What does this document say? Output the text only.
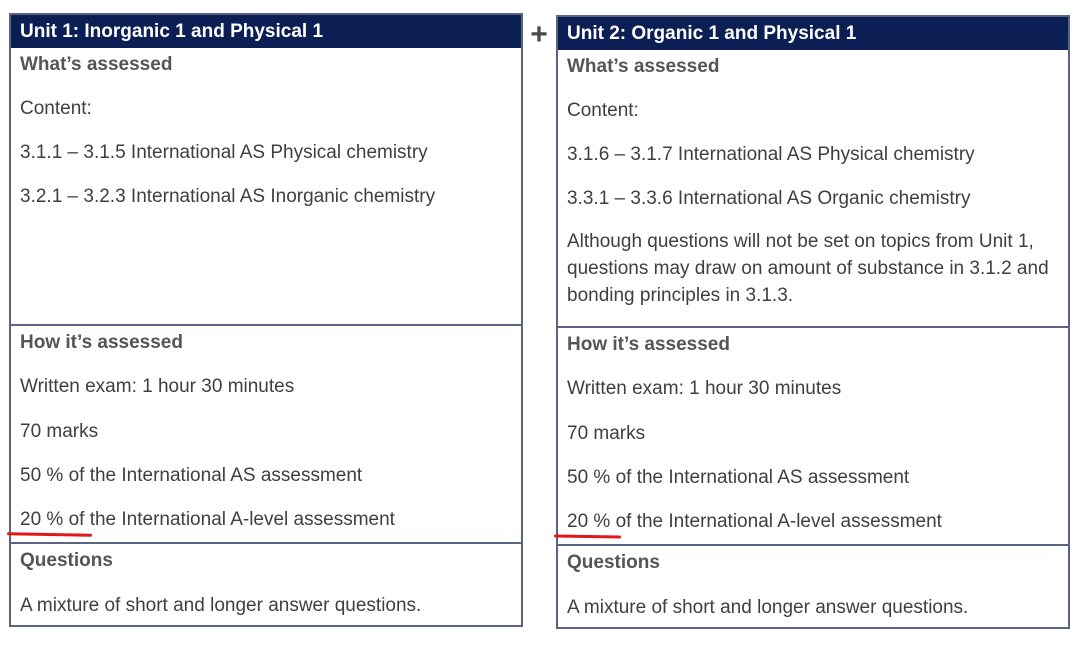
Unit 1: Inorganic 1 and Physical 1
What’s assessed
Content:
3.1.1 – 3.1.5 International AS Physical chemistry
3.2.1 – 3.2.3 International AS Inorganic chemistry
How it’s assessed
Written exam: 1 hour 30 minutes
70 marks
50 % of the International AS assessment
20 % of the International A-level assessment
Questions
A mixture of short and longer answer questions.
+	Unit 2: Organic 1 and Physical 1
What’s assessed
Content:
3.1.6 – 3.1.7 International AS Physical chemistry
3.3.1 – 3.3.6 International AS Organic chemistry
Although questions will not be set on topics from Unit 1, questions may draw on amount of substance in 3.1.2 and bonding principles in 3.1.3.
How it’s assessed
Written exam: 1 hour 30 minutes
70 marks
50 % of the International AS assessment
20 % of the International A-level assessment
Questions
A mixture of short and longer answer questions.
